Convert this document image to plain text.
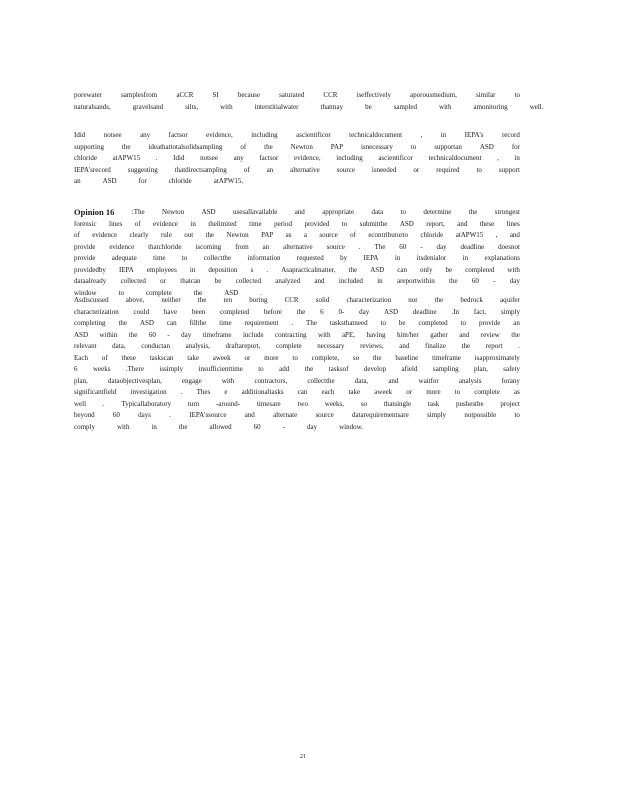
porewater	samplesfrom	aCCR	SI	because	saturated	CCR	iseffectively	aporousmedium,	similar	to
naturalsands,	gravelsand	silts,	with	interstitialwater	thatmay	be	sampled	with	amonitoring	well.
Idid	notsee	any	factsor	evidence,	including	ascientificor	technicaldocument	,	in	IEPA's	record
supporting	the	ideathattotalsolidsampling	of	the	Newton	PAP	isnecessary	to	supportan	ASD	for
chloride atAPW15 . Idid notsee any factsor evidence, including ascientificor technicaldocument , in
IEPA'srecord suggesting thatdirectsampling of an alternative source isneeded or required to support
an	ASD	for	chloride	atAPW15.
Opinion 16 :The Newton ASD usesallavailable and appropriate data to determine the strongest
forensic lines of evidence in thelimited time period provided to submitthe ASD report, and these lines
of evidence clearly rule out the Newton PAP as a source of econtributorto chloride atAPW15 , and
provide evidence thatchloride iscoming from an alternative source . The 60 - day deadline doesnot
provide adequate time to collectthe information requested by IEPA in itsdenialor in explanations
providedby IEPA employees in deposition s . Asapracticalmatter, the ASD can only be completed with
dataalready collected or thatcan be collected analyzed and included in areportwithin the 60 - day
window	to	complete	the	ASD	.
Asdiscussed above, neither the ten boring CCR solid characterization nor the bedrock aquifer
characterization could have been completed before the 6 0- day ASD deadline .In fact, simply
completing the ASD can fillthe time requirement . The tasksthatneed to be completed to provide an
ASD within the 60 - day timeframe include contracting with aPE, having him/her gather and review the
relevant data, conductan analysis, draftareport, complete necessary reviews, and finalize the report .
Each of these taskscan take aweek or more to complete, so the baseline timeframe isapproximately
6 weeks .There issimply insufficienttime to add the tasksof develop afield sampling plan, safety
plan,	dataobjectivesplan,	engage	with	contractors,	collectthe	data,	and	waitfor	analysis	forany
significantfield investigation . Thes e additionaltasks can each take aweek or more to complete as
well . Typicallaboratory turn -around- timesare two weeks, so thatsingle task pushesthe project
beyond	60	days	.	IEPA'ssource	and	alternate	source	datarequirementsare	simply	notpossible	to
comply	with	in	the	allowed	60	-	day	window.
21
